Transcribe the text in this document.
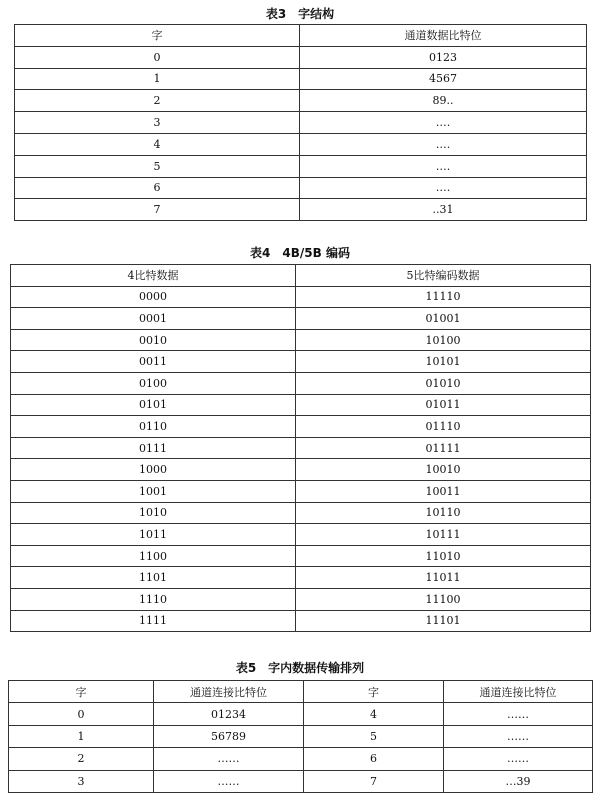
表3　字结构
字	通道数据比特位
0	0123
1	4567
2	89..
3	….
4	….
5	….
6	….
7	..31
表4　4B/5B 编码
4比特数据	5比特编码数据
0000	11110
0001	01001
0010	10100
0011	10101
0100	01010
0101	01011
0110	01110
0111	01111
1000	10010
1001	10011
1010	10110
1011	10111
1100	11010
1101	11011
1110	11100
1111	11101
表5　字内数据传输排列
字	通道连接比特位	字	通道连接比特位
0	01234	4	……
1	56789	5	……
2	……	6	……
3	……	7	…39
